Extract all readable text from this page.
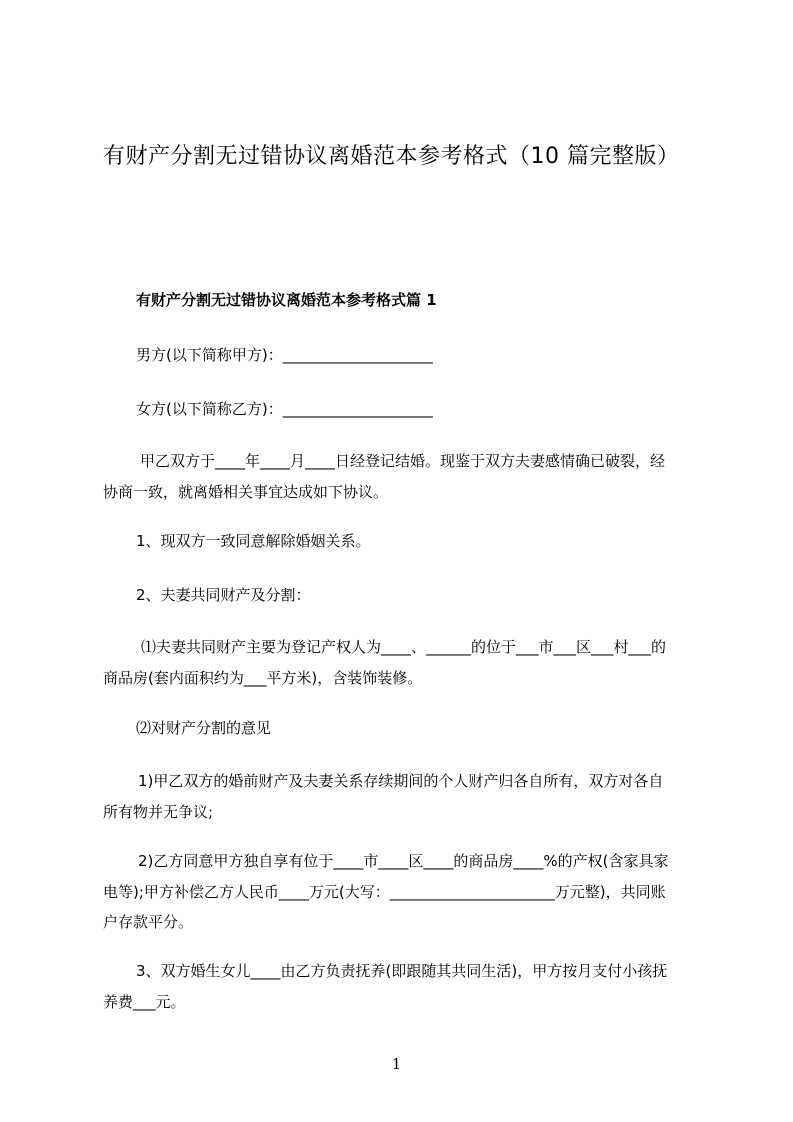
有财产分割无过错协议离婚范本参考格式（10 篇完整版）
有财产分割无过错协议离婚范本参考格式篇 1
男方(以下简称甲方)：____________________
女方(以下简称乙方)：____________________
甲乙双方于____年____月____日经登记结婚。现鉴于双方夫妻感情确已破裂，经
协商一致，就离婚相关事宜达成如下协议。
1、现双方一致同意解除婚姻关系。
2、夫妻共同财产及分割：
⑴夫妻共同财产主要为登记产权人为____、______的位于___市___区___村___的
商品房(套内面积约为___平方米)，含装饰装修。
⑵对财产分割的意见
1)甲乙双方的婚前财产及夫妻关系存续期间的个人财产归各自所有，双方对各自
所有物并无争议;
2)乙方同意甲方独自享有位于____市____区____的商品房____%的产权(含家具家
电等);甲方补偿乙方人民币____万元(大写：______________________万元整)，共同账
户存款平分。
3、双方婚生女儿____由乙方负责抚养(即跟随其共同生活)，甲方按月支付小孩抚
养费___元。
1
